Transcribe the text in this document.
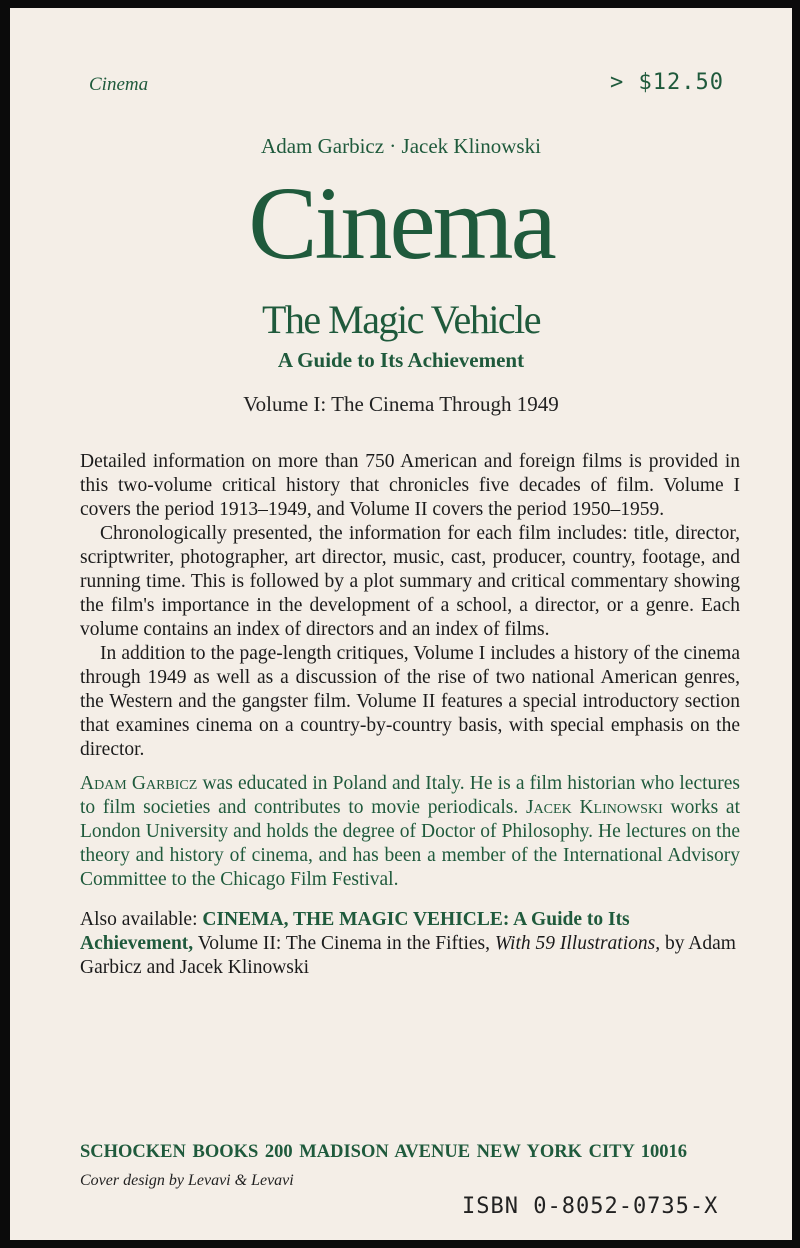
Cinema	> $12.50
Adam Garbicz · Jacek Klinowski
Cinema
The Magic Vehicle
A Guide to Its Achievement
Volume I: The Cinema Through 1949

Detailed information on more than 750 American and foreign films is provided in this two-volume critical history that chronicles five decades of film. Volume I covers the period 1913–1949, and Volume II covers the period 1950–1959.

Chronologically presented, the information for each film includes: title, director, scriptwriter, photographer, art director, music, cast, producer, country, footage, and running time. This is followed by a plot summary and critical commentary showing the film's importance in the development of a school, a director, or a genre. Each volume contains an index of directors and an index of films.

In addition to the page-length critiques, Volume I includes a history of the cinema through 1949 as well as a discussion of the rise of two national American genres, the Western and the gangster film. Volume II features a special introductory section that examines cinema on a country-by-country basis, with special emphasis on the director.

Adam Garbicz was educated in Poland and Italy. He is a film historian who lectures to film societies and contributes to movie periodicals. Jacek Klinowski works at London University and holds the degree of Doctor of Philosophy. He lectures on the theory and history of cinema, and has been a member of the International Advisory Committee to the Chicago Film Festival.

Also available: CINEMA, THE MAGIC VEHICLE: A Guide to Its Achievement, Volume II: The Cinema in the Fifties, With 59 Illustrations, by Adam Garbicz and Jacek Klinowski

SCHOCKEN BOOKS 200 MADISON AVENUE NEW YORK CITY 10016
Cover design by Levavi & Levavi
ISBN 0-8052-0735-X
